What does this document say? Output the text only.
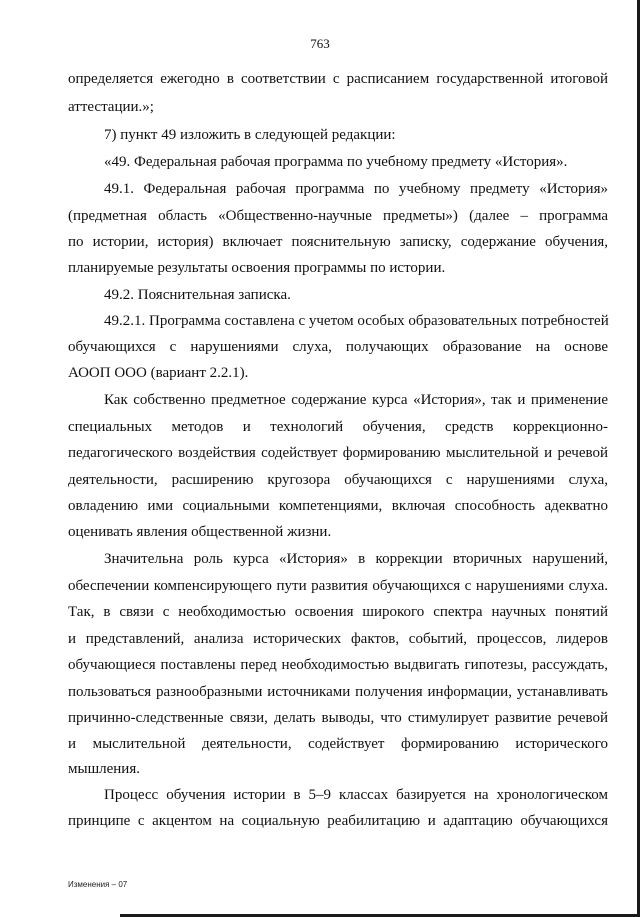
763
определяется ежегодно в соответствии с расписанием государственной итоговой
аттестации.»;
7) пункт 49 изложить в следующей редакции:
«49. Федеральная рабочая программа по учебному предмету «История».
49.1. Федеральная рабочая программа по учебному предмету «История»
(предметная область «Общественно-научные предметы») (далее – программа
по истории, история) включает пояснительную записку, содержание обучения,
планируемые результаты освоения программы по истории.
49.2. Пояснительная записка.
49.2.1. Программа составлена с учетом особых образовательных потребностей
обучающихся с нарушениями слуха, получающих образование на основе
АООП ООО (вариант 2.2.1).
Как собственно предметное содержание курса «История», так и применение
специальных методов и технологий обучения, средств коррекционно-
педагогического воздействия содействует формированию мыслительной и речевой
деятельности, расширению кругозора обучающихся с нарушениями слуха,
овладению ими социальными компетенциями, включая способность адекватно
оценивать явления общественной жизни.
Значительна роль курса «История» в коррекции вторичных нарушений,
обеспечении компенсирующего пути развития обучающихся с нарушениями слуха.
Так, в связи с необходимостью освоения широкого спектра научных понятий
и представлений, анализа исторических фактов, событий, процессов, лидеров
обучающиеся поставлены перед необходимостью выдвигать гипотезы, рассуждать,
пользоваться разнообразными источниками получения информации, устанавливать
причинно-следственные связи, делать выводы, что стимулирует развитие речевой
и мыслительной деятельности, содействует формированию исторического
мышления.
Процесс обучения истории в 5–9 классах базируется на хронологическом
принципе с акцентом на социальную реабилитацию и адаптацию обучающихся
Изменения – 07
